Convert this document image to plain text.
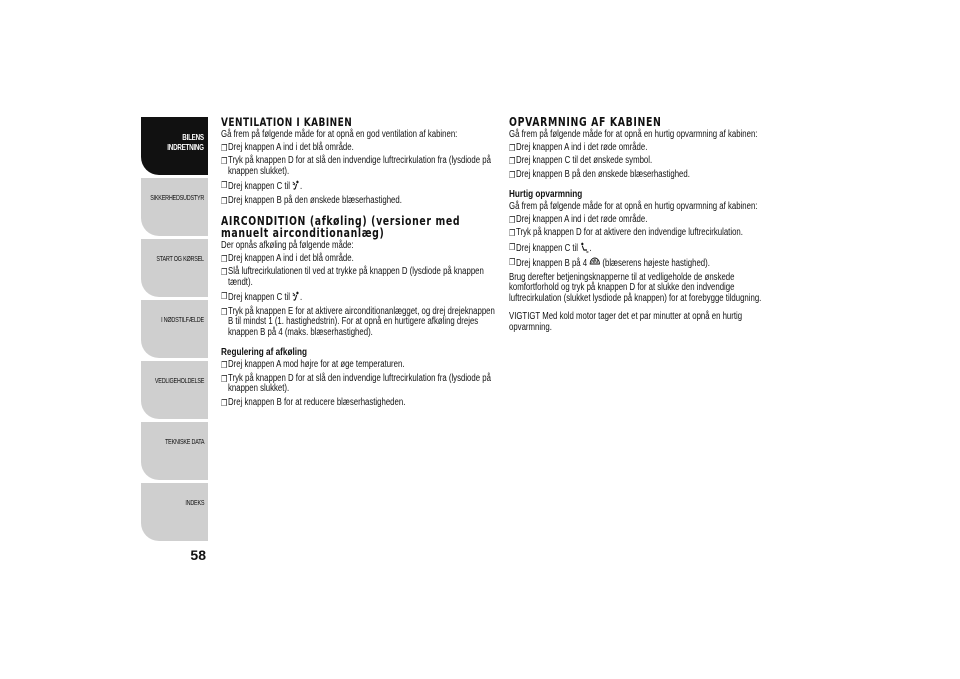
BILENS
INDRETNING
SIKKERHEDSUDSTYR
START OG KØRSEL
I NØDSTILFÆLDE
VEDLIGEHOLDELSE
TEKNISKE DATA
INDEKS
58
VENTILATION I KABINEN

Gå frem på følgende måde for at opnå en god ventilation af kabinen:

❐ Drej knappen A ind i det blå område.
❐ Tryk på knappen D for at slå den indvendige luftrecirkulation fra (lysdiode på knappen slukket).
❐ Drej knappen C til .
❐ Drej knappen B på den ønskede blæserhastighed.
AIRCONDITION (afkøling) (versioner med manuelt airconditionanlæg)

Der opnås afkøling på følgende måde:

❐ Drej knappen A ind i det blå område.
❐ Slå luftrecirkulationen til ved at trykke på knappen D (lysdiode på knappen tændt).
❐ Drej knappen C til .
❐ Tryk på knappen E for at aktivere airconditionanlægget, og drej drejeknappen B til mindst 1 (1. hastighedstrin). For at opnå en hurtigere afkøling drejes knappen B på 4 (maks. blæserhastighed).
Regulering af afkøling
❐ Drej knappen A mod højre for at øge temperaturen.
❐ Tryk på knappen D for at slå den indvendige luftrecirkulation fra (lysdiode på knappen slukket).
❐ Drej knappen B for at reducere blæserhastigheden.
OPVARMNING AF KABINEN

Gå frem på følgende måde for at opnå en hurtig opvarmning af kabinen:

❐ Drej knappen A ind i det røde område.
❐ Drej knappen C til det ønskede symbol.
❐ Drej knappen B på den ønskede blæserhastighed.
Hurtig opvarmning

Gå frem på følgende måde for at opnå en hurtig opvarmning af kabinen:

❐ Drej knappen A ind i det røde område.
❐ Tryk på knappen D for at aktivere den indvendige luftrecirkulation.
❐ Drej knappen C til .
❐ Drej knappen B på 4 (blæserens højeste hastighed).

Brug derefter betjeningsknapperne til at vedligeholde de ønskede komfortforhold og tryk på knappen D for at slukke den indvendige luftrecirkulation (slukket lysdiode på knappen) for at forebygge tildugning.

VIGTIGT Med kold motor tager det et par minutter at opnå en hurtig opvarmning.
